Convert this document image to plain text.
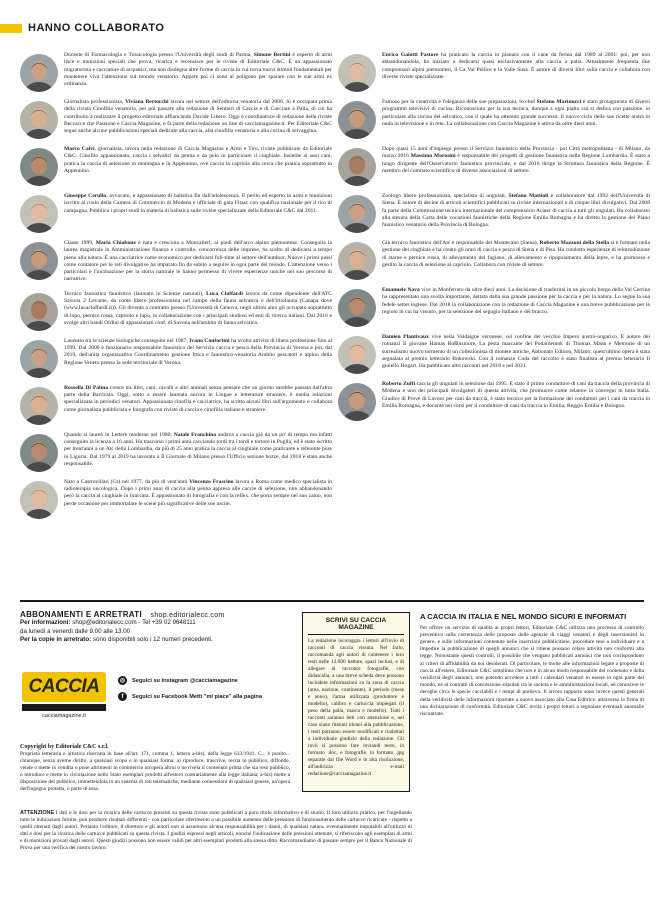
HANNO COLLABORATO
Docente di Farmacologia e Tossicologia presso l'Università degli studi di Parma, Simone Bertini è esperto di armi lisce e munizioni speciali che prova, ricarica e recensisce per le riviste di Editoriale C&C. È un appassionato migratorista e cacciatore di acquatici, ma non disdegna altre forme di caccia in cui trova nuovi stimoli fondamentali per mantenere viva l'attenzione sul mondo venatorio. Appare poi ci sono al poligono per sparare con le sue armi ex ordinanza.
Giornalista professionista, Viviana Bertocchi lavora nel settore dell'editoria venatoria dal 2006. Si è occupata prima della rivista Cinofilia venatoria, per poi passare alla redazione di Sentieri di Caccia e di Cacciare a Palla, di cui ha contribuito a realizzare il progetto editoriale affiancando Davide Libero. Oggi è coordinatrice di redazione delle riviste Beccacce che Passione e Caccia Magazine, e fa parte della redazione on line di cacciamagazine.it. Per Editoriale C&C segue anche alcune pubblicazioni speciali dedicate alla caccia, alla cinofilia venatoria e alla cucina di selvaggina.
Marco Calvi, giornalista, lavora nella redazione di Caccia Magazine e Armi e Tiro, riviste pubblicate da Editoriale C&C. Cinofilo appassionato, caccia i selvatici da penna e da pelo in particolare il cinghiale. Insieme ai suoi cani, pratica la caccia di selezione in montagna e in Appennino, ove caccia la capriola alla cerca che pratica soprattutto in Appennino.
Giuseppe Cerullo, avvocato, è appassionato di balistica fin dall'adolescenza. È perito ed esperto in armi e munizioni iscritto al ruolo della Camera di Commercio di Modena e ufficiale di gara Fitasc con qualifica nazionale per il tiro di campagna. Pubblica i propri studi in materia di balistica sulle riviste specializzate della Editoriale C&C dal 2011.
Classe 1999, Maria Chiabone è nata e cresciuta a Moncalieri, ai piedi dell'arco alpino piemontese. Conseguita la laurea magistrale in Amministrazione finanza e controllo, concorrenza delle imprese, ha scelto di dedicarsi a tempo pieno alla natura. È una cacciatrice come economico per dedicarsi full-time al settore dell'outdoor. Nuove i primi passi come contatore per le reti divulgative ha imparato fin da subito a seguire in ogni parte del mondo. L'attenzione verso i particolari e l'inclinazione per la storia naturale le hanno permesso di vivere esperienze uniche nel suo percorso di narratrice.
Tecnico faunistico faunistico (laureato in Scienze naturali), Luca Cloffardi lavora da come dipendente dell'ATC Savona 2 Levante, da come libero professionista nel campo della fauna selvatica e dell'ittiofauna (Canapa dove (www.lucacloffardi.it)). Gli diventa a contratto presso l'Università di Genova, negli ultimi anni gli occupato soprattutto di lupo, pernice rossa, capriolo e lupo, in collaborazione con i principali studiosi ed enti di ricerca italiani. Dal 2016 e svolge altri bandi Ordini di appassionati conf. di Savona nell'ambito di fauna selvatica.
Laureato tra le scienze biologiche conseguite nel 1987, Ivano Confortini ha svolto attività di libera professione fino al 1999. Dal 2000 è funzionario responsabile faunistico del Servizio caccia e pesca della Provincia di Verona e poi, dal 2019, dell'unità organizzativa Coordinamento gestione Ittica e faunistico-venatoria Ambito pescatori e alpino della Regione Veneto presso la sede territoriale di Verona.
Rossella Di Palma cresce tra libri, cani, cavalli e altri animali senza pensare che un giorno sarebbe passata dall'altra parte della Barricata. Oggi, sotto a essere laureata ancora in Lingue e letterature straniere, è media relazioni specializzata in periodici venatori. Appassionata cinofila e cacciatrice, ha scritto alcuni libri sull'argomento e collabora come giornalista pubblicista e fotografa con riviste di caccia e cinofilia italiane e straniere.
Quando si laureò in Lettere moderne nel 1980, Natale Franchina andava a caccia già da un po' di tempo ma infatti conseguito la licenza a 16 anni. Ha trascorso i primi anni cacciando tordi tra i tordi e tortore in Puglia, ed è stato iscritto per trent'anni a un Atc della Lombardia, da più di 25 anni pratica la caccia al cinghiale come praticante e referente pure in Liguria. Dal 1979 al 2019 ha lavorato a Il Giornale di Milano presso l'Ufficio sezione bozze, dal 2018 è stato anche responsabile.
Nato a Castrovillari (Cs) nel 1977, da più di vent'anni Vincenzo Frascino lavora a Roma come medico specialista in radioterapia oncologica. Dopo i primi anni di caccia alla penna appresa alle caccie di selezione, non abbandonando però la caccia al cinghiale in braccata. È appassionato di fotografia e con la reflex, che porta sempre nel suo zaino, non perde occasione per immortalare le scene più significative delle sue uscite.
Enrico Gaiotti Pastore ha praticato la caccia in pianura con il cane da ferma dal 1989 al 2001: poi, per non abbandonandola, ha iniziato a dedicarsi quasi esclusivamente alla caccia a palla. Attualmente frequenta due comprensori alpini piemontesi, il Ca Val Pellice e la Valle Susa. È autore di diversi libri sulla caccia e collabora con diverse riviste specializzate.
Famoso per la creatività e l'eleganza delle sue preparazioni, lo chef Stefano Marinucci è stato protagonista di diversi programmi televisivi di cucina. Riconosciuto per la sua tecnica, dunque a ogni piatto cui si dedica con passione, in particolare alla cucina del selvatico, con il quale ha ottenuto grande successo. Il nuovo ciclo delle sue ricette andrà in onda in televisione e in rete. La collaborazione con Caccia Magazine è attiva da oltre dieci anni.
Dopo quasi 15 anni d'impiego presso il Servizio faunistico della Provincia - poi Città metropolitana - di Milano, da marzo 2016 Massimo Morosini è responsabile dei progetti di gestione faunistica nella Regione Lombardia. È stato a lungo dirigente dell'Osservatorio faunistico provinciale, e dal 2016 dirige la Struttura faunistica della Regione. È membro del comitato scientifico di diverse associazioni di settore.
Zoologo libero professionista, specialista di ungulati, Stefano Mattioli è collaboratore dal 1992 dell'Università di Siena. È autore di decine di articoli scientifici pubblicati su riviste internazionali e di cinque libri divulgativi. Dal 2008 fa parte della Commissione tecnica internazionale del comprensorio Acater di caccia a tutti gli ungulati. Ha collaborato alla stesura della Carta delle vocazioni faunistiche della Regione Emilia Romagna e ha diretto la gestione del Piano faunistico venatorio della Provincia di Bologna.
Già tecnico faunistico dell'Atc e responsabile del Montecano (Siena), Roberto Mazzoni della Stella si è formato nella gestione del cinghiale e ha creato gli orari di caccia e pesca di Siena e di Pisa. Ha condotto esperienze di reintroduzione di starne e pernice rossa, di allevamento del fagiano, di allevamento e ripopolamento della lepre, e ha promosso e gestito la caccia di selezione ai capriolo. Collabora con riviste di settore.
Emanuele Nava vive in Monferrato da oltre dieci anni. La decisione di trasferirsi in un piccolo borgo della Val Cerrina ha rappresentato una svolta importante, dettata dalla sua grande passione per la caccia e per la natura. Lo segue la sua fedele setter inglese. Dal 2018 la collaborazione con la redazione di Caccia Magazine e una breve pubblicazione per le regioni in cui ha vissuto, per la selezione del segugio italiano e del bracco.
Damien Plantivaux vive nella Valdaigne veronese, sul confine del vecchio Impero austro-ungarico. È autore dei romanzi Il giovane Hamas Roßbismore, La pesta marcante del Podardemok di Thomas Mann e Memorie di un surrealismo nuovo tormento di un collezionista di monete antiche, Abbonato Edition, Milano: quest'ultimo opera è stata segnalata al premio letterario Bukowski. Con il romanzo Coda del raccolto è stato finalista al premio letterario Il gioiello Hogart. Ha pubblicato altri racconti nel 2018 e nel 2021.
Roberto Zuffi caccia gli ungulati in selezione dal 1995. È stato il primo conduttore di cani da traccia della provincia di Modena e uno dei principali divulgatori di questa attività, che promuove come relatore in convegni in tutta Italia. Giudice di Prove di Lavoro per cani da traccia, è stato tecnico per la formazione dei conduttori per i cani da traccia in Emilia Romagna, e docente nei corsi per il conduttore di cani da traccia in Emilia, Reggio Emilia e Bologna.
ABBONAMENTI E ARRETRATI shop.editorialecc.com
Per informazioni: shop@editorialecc.com - Tel +39 02 9648111
da lunedì a venerdì dalle 9.00 alle 13.00
Per la copie in arretrato: sono disponibili solo i 12 numeri precedenti.
CACCIA
cacciamagazine.it
◎	Seguici su Instagram @cacciamagazine
f	Seguici su Facebook Metti "mi piace" alla pagina
Copyright by Editoriale C&C s.r.l.
Proprietà letteraria e artistica riservata in base all'art. 171, comma 1, lettera a-bis), della legge 633/1941. C... è punito... chiunque, senza averne diritto, a qualsiasi scopo e in qualsiasi forma: a) riproduce, trascrive, recita in pubblico, diffonde, vende o mette in vendita o pone altrimenti in commercio un'opera altrui o ne rivela il contenuto prima che sia reso pubblico, o introduce e mette in circolazione nello Stato esemplari prodotti all'estero contrariamente alla legge italiana; a-bis) mette a disposizione del pubblico, immettendola in un sistema di reti telematiche, mediante connessioni di qualsiasi genere, un'opera dell'ingegno protetta, o parte di essa.
SCRIVI SU CACCIA MAGAZINE
La redazione incoraggia i lettori all'invio di racconti di caccia vissuta. Nel farlo, raccomanda agli autori di contenere i loro testi nelle 12.000 battute, spazi inclusi, e di allegare al racconto fotografie, con didascalia, a una breve scheda deve possono includere informazioni su la zona di caccia (area, nazione, continente), il periodo (mese e anno), l'arma utilizzata (produttore e modello), calibro e cartuccia impiegati (il peso della palla, marca e modello). Tutti i racconti saranno letti con attenzione e, nel caso siano ritenuti idonei alla pubblicazione, i testi potranno essere modificati e riadattati a individuale giudizio della redazione. Gli invii si possono fare inviandi testo, in formato .doc, e fotografie, in formato .jpg separate dal file Word e in alta risoluzione, all'indirizzo e-mail redazione@cacciamagazine.it
A CACCIA IN ITALIA E NEL MONDO SICURI E INFORMATI
Per offrire un servizio di qualità ai propri lettori, Editoriale C&C utilizza uno processo di controllo preventivo sulla correttezza delle proposte delle agenzie di viaggi venatori e degli inserzionisti in genere, e sulle informazioni contenute nelle inserzioni pubblicitarie, procedure tese a individuare e a impedire la pubblicazione di quegli annunci che si ritiene possano celare attività non conformi alla legge. Nonostante questi controlli, il possibile che vengano pubblicati annunci che non corrispondono ai criteri di affidabilità da noi desiderati. Di particolare, le molte alle informazioni legate a proposte di caccia all'estero, Editoriale C&C sottolinea che non è in alcun modo responsabile del contenuto e della veridicità degli annunci, non potendo accedere a tutti i calendari venatori in essere in ogni parte del mondo, né ai contratti di concessione stipulati tra le società e le amministrazioni locali, né conoscere le deroghe circa le specie cacciabili e i tempi di prelievo. Il lavoro rapporto sono invece questi generali della veridicità delle informazioni riportate a nuovo associato alla Casa Editrice, attraverso la firma di una dichiarazione di conformità. Editoriale C&C invita i propri lettori a segnalare eventuali anomalie riscontrate.
ATTENZIONE I dati e le dosi per la ricarica delle cartucce presenti su questa rivista sono pubblicati a puro titolo informativo e di studio. Il loro utilizzo pratico, per l'ingellando tutte le indicazioni fornite, può produrre risultati differenti - con particolare riferimento a un possibile aumento delle pressioni di funzionamento delle cartucce ricaricate - rispetto a quelli ottenuti dagli autori. Pertanto l'editore, il direttore e gli autori non si assumono alcuna responsabilità per i danni, di qualsiasi natura, eventualmente imputabili all'utilizzo di dati e dosi per la ricarica delle cartucce pubblicati su questa rivista. I giudizi espressi negli articoli, nonché l'indicazione delle pressioni ottenute, si riferiscono agli esemplari di armi e di munizioni provati dagli autori. Questi giudizi possono non essere validi per altri esemplari prodotti alla stessa ditta. Raccomandiamo di passare sempre per il Banco Nazionale di Prova per una verifica del nostro lavoro.
